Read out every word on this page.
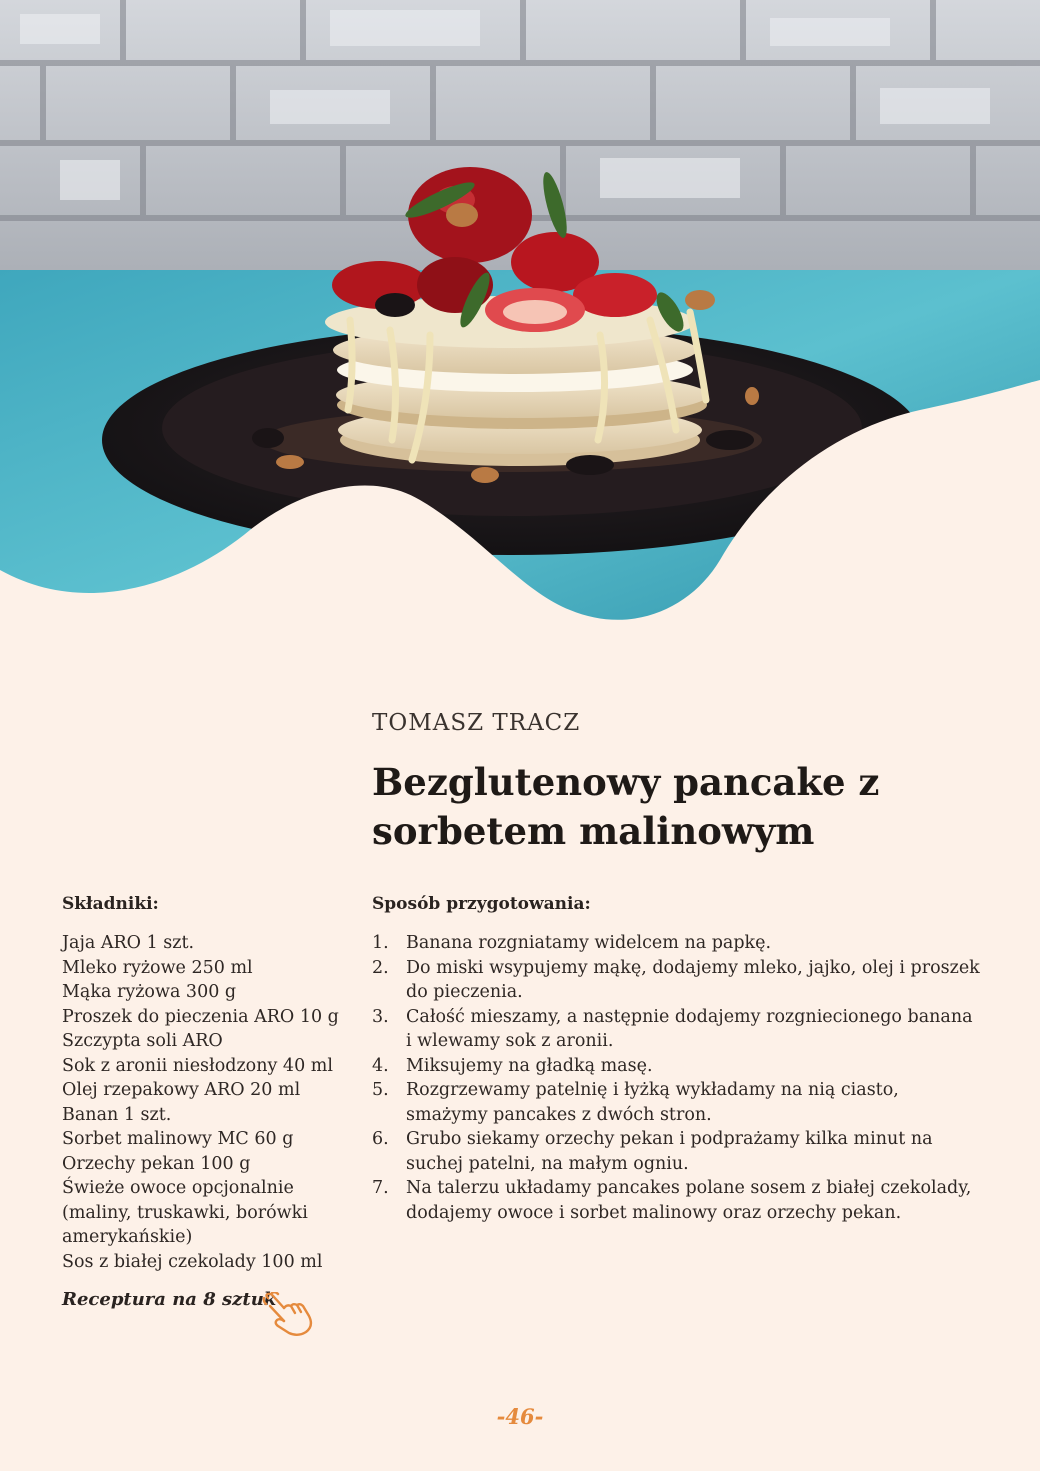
TOMASZ TRACZ
Bezglutenowy pancake z sorbetem malinowym
Składniki:
Jaja ARO 1 szt.
Mleko ryżowe 250 ml
Mąka ryżowa 300 g
Proszek do pieczenia ARO 10 g
Szczypta soli ARO
Sok z aronii niesłodzony 40 ml
Olej rzepakowy ARO 20 ml
Banan 1 szt.
Sorbet malinowy MC 60 g
Orzechy pekan 100 g
Świeże owoce opcjonalnie (maliny, truskawki, borówki amerykańskie)
Sos z białej czekolady 100 ml
Sposób przygotowania:
1. Banana rozgniatamy widelcem na papkę.
2. Do miski wsypujemy mąkę, dodajemy mleko, jajko, olej i proszek do pieczenia.
3. Całość mieszamy, a następnie dodajemy rozgniecionego banana i wlewamy sok z aronii.
4. Miksujemy na gładką masę.
5. Rozgrzewamy patelnię i łyżką wykładamy na nią ciasto, smażymy pancakes z dwóch stron.
6. Grubo siekamy orzechy pekan i podprażamy kilka minut na suchej patelni, na małym ogniu.
7. Na talerzu układamy pancakes polane sosem z białej czekolady, dodajemy owoce i sorbet malinowy oraz orzechy pekan.
Receptura na 8 sztuk
-46-
